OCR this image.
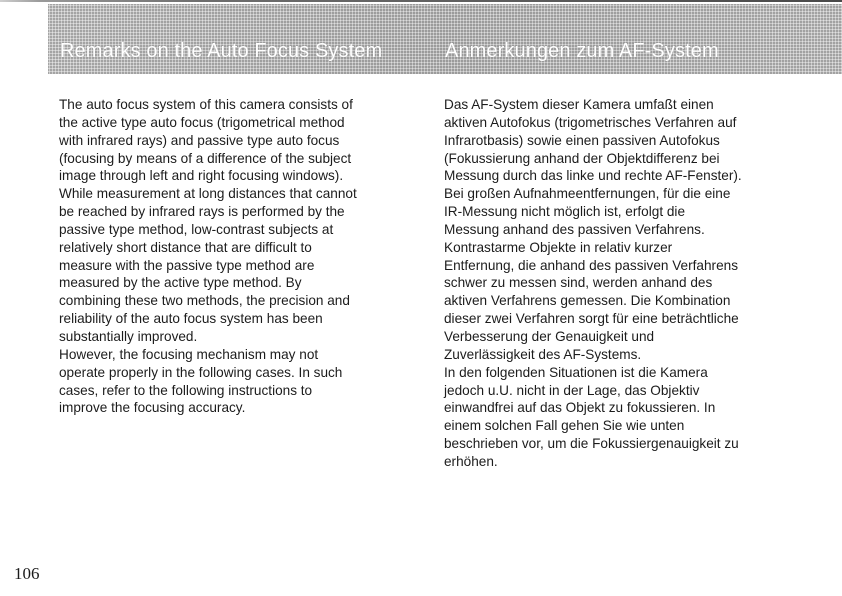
Remarks on the Auto Focus System	Anmerkungen zum AF-System

The auto focus system of this camera consists of
the active type auto focus (trigometrical method
with infrared rays) and passive type auto focus
(focusing by means of a difference of the subject
image through left and right focusing windows).
While measurement at long distances that cannot
be reached by infrared rays is performed by the
passive type method, low-contrast subjects at
relatively short distance that are difficult to
measure with the passive type method are
measured by the active type method. By
combining these two methods, the precision and
reliability of the auto focus system has been
substantially improved.

However, the focusing mechanism may not
operate properly in the following cases. In such
cases, refer to the following instructions to
improve the focusing accuracy.

Das AF-System dieser Kamera umfaßt einen
aktiven Autofokus (trigometrisches Verfahren auf
Infrarotbasis) sowie einen passiven Autofokus
(Fokussierung anhand der Objektdifferenz bei
Messung durch das linke und rechte AF-Fenster).
Bei großen Aufnahmeentfernungen, für die eine
IR-Messung nicht möglich ist, erfolgt die
Messung anhand des passiven Verfahrens.
Kontrastarme Objekte in relativ kurzer
Entfernung, die anhand des passiven Verfahrens
schwer zu messen sind, werden anhand des
aktiven Verfahrens gemessen. Die Kombination
dieser zwei Verfahren sorgt für eine beträchtliche
Verbesserung der Genauigkeit und
Zuverlässigkeit des AF-Systems.

In den folgenden Situationen ist die Kamera
jedoch u.U. nicht in der Lage, das Objektiv
einwandfrei auf das Objekt zu fokussieren. In
einem solchen Fall gehen Sie wie unten
beschrieben vor, um die Fokussiergenauigkeit zu
erhöhen.

106
